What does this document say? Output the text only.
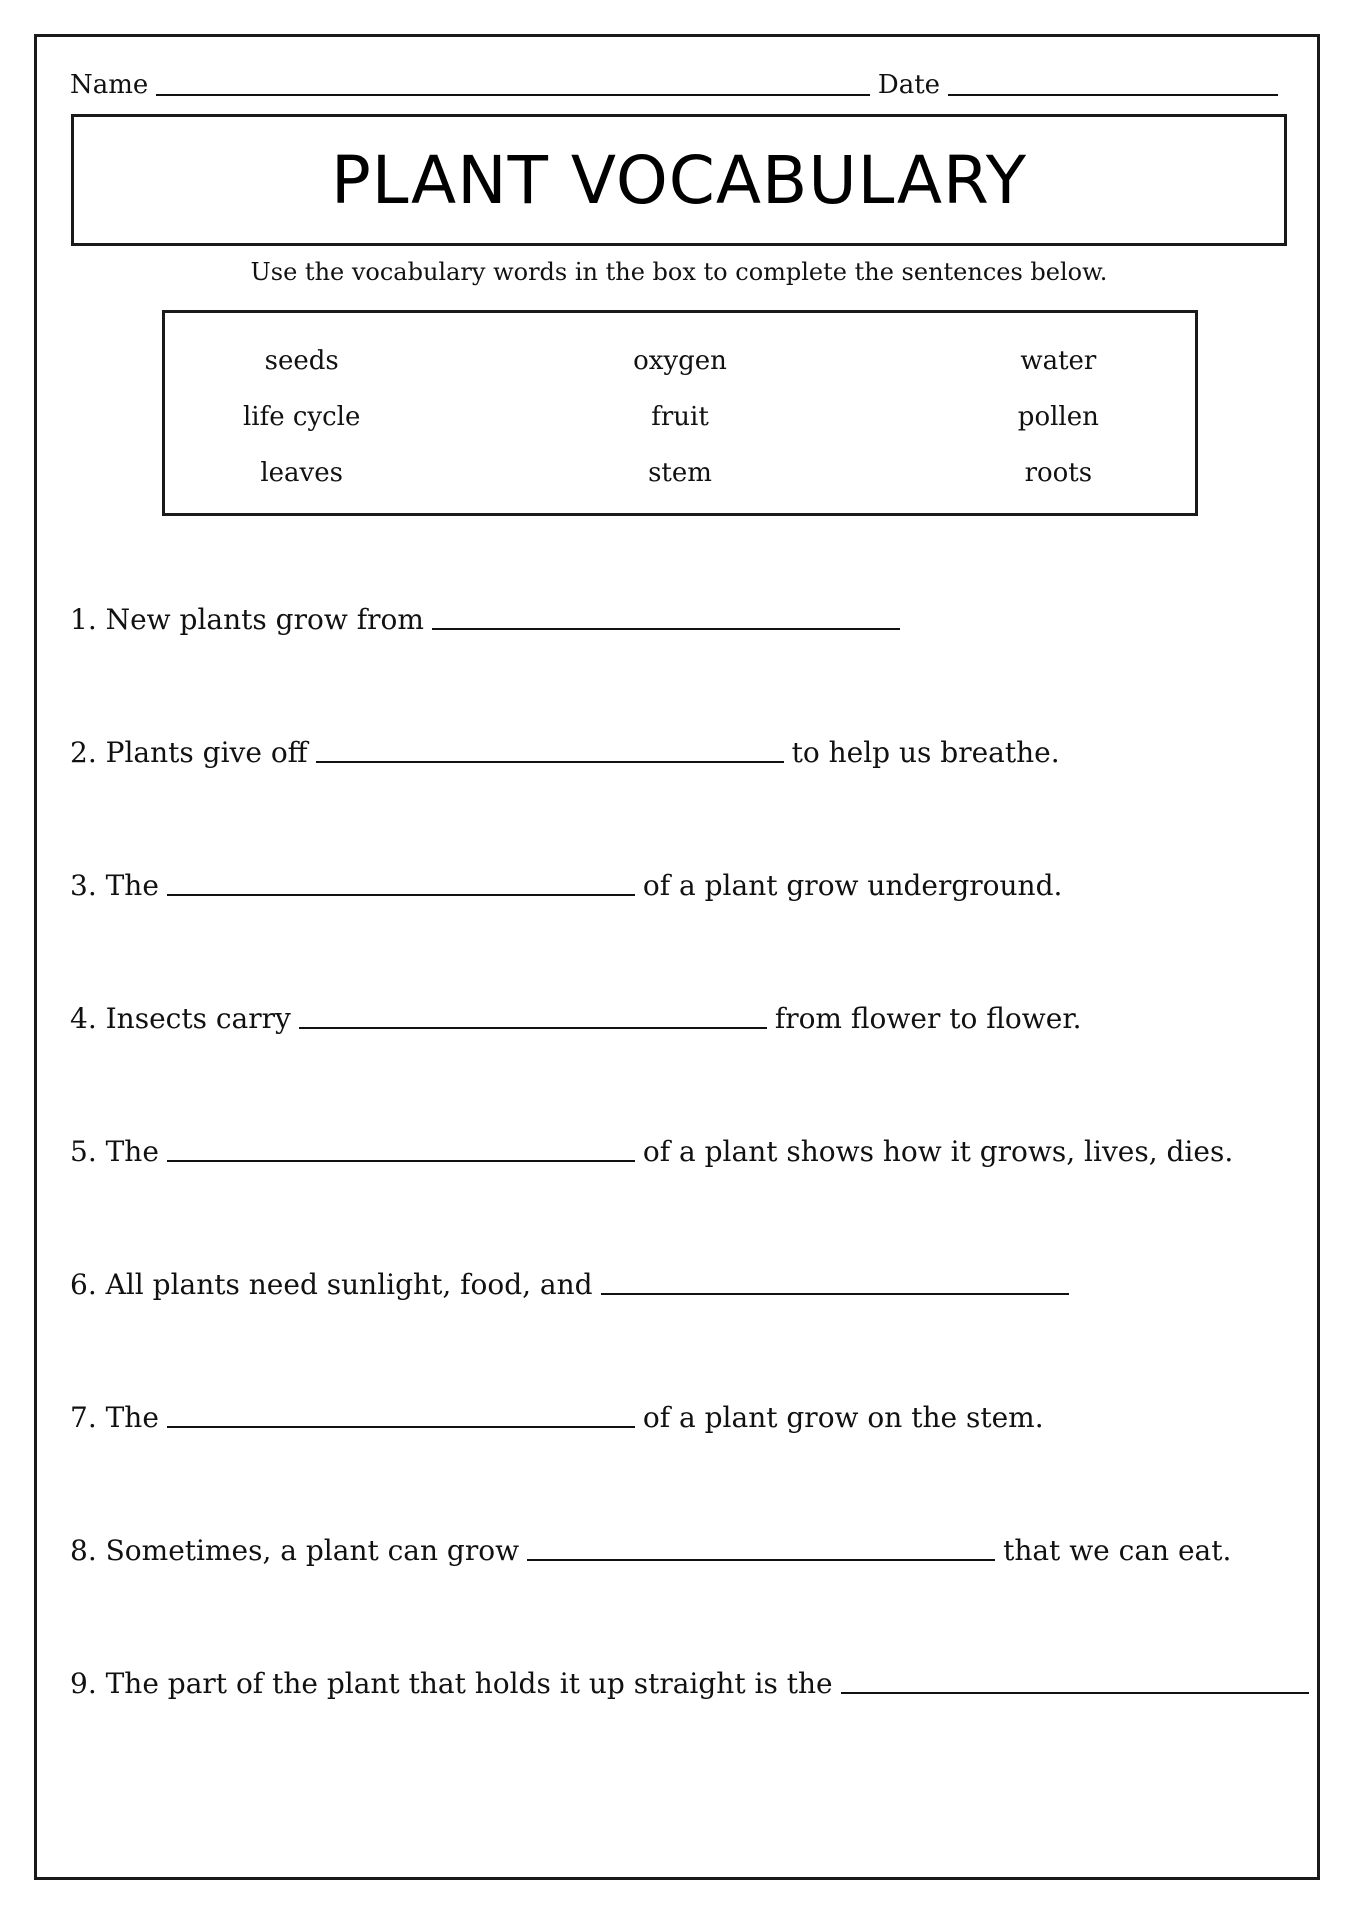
Name	Date
PLANT VOCABULARY
Use the vocabulary words in the box to complete the sentences below.
seeds	oxygen	water
life cycle	fruit	pollen
leaves	stem	roots
1. New plants grow from
2. Plants give off	to help us breathe.
3. The	of a plant grow underground.
4. Insects carry	from flower to flower.
5. The	of a plant shows how it grows, lives, dies.
6. All plants need sunlight, food, and
7. The	of a plant grow on the stem.
8. Sometimes, a plant can grow	that we can eat.
9. The part of the plant that holds it up straight is the
